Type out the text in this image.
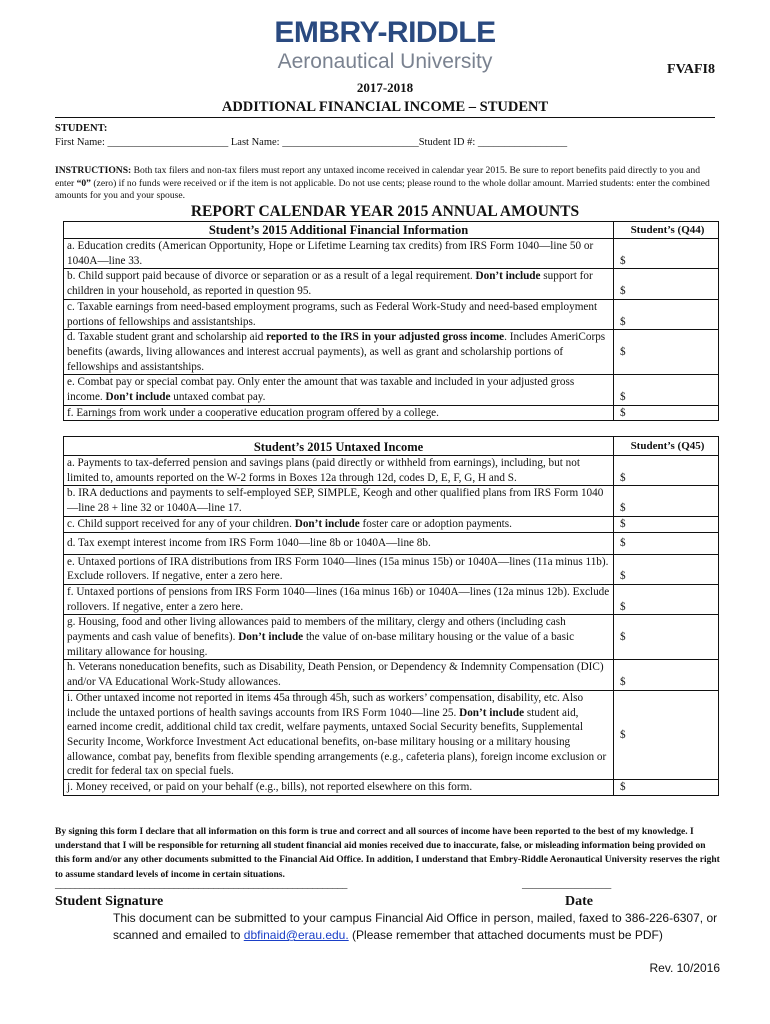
EMBRY-RIDDLE
Aeronautical University	FVAFI8
2017-2018
ADDITIONAL FINANCIAL INCOME – STUDENT
STUDENT:
First Name: _______________________ Last Name: __________________________Student ID #: _________________
INSTRUCTIONS: Both tax filers and non-tax filers must report any untaxed income received in calendar year 2015. Be sure to report benefits paid directly to you and enter “0” (zero) if no funds were received or if the item is not applicable. Do not use cents; please round to the whole dollar amount. Married students: enter the combined amounts for you and your spouse.
REPORT CALENDAR YEAR 2015 ANNUAL AMOUNTS
Student’s 2015 Additional Financial Information	Student’s (Q44)
a. Education credits (American Opportunity, Hope or Lifetime Learning tax credits) from IRS Form 1040—line 50 or 1040A—line 33.	$
b. Child support paid because of divorce or separation or as a result of a legal requirement. Don’t include support for children in your household, as reported in question 95.	$
c. Taxable earnings from need-based employment programs, such as Federal Work-Study and need-based employment portions of fellowships and assistantships.	$
d. Taxable student grant and scholarship aid reported to the IRS in your adjusted gross income. Includes AmeriCorps benefits (awards, living allowances and interest accrual payments), as well as grant and scholarship portions of fellowships and assistantships.	$
e. Combat pay or special combat pay. Only enter the amount that was taxable and included in your adjusted gross income. Don’t include untaxed combat pay.	$
f. Earnings from work under a cooperative education program offered by a college.	$
Student’s 2015 Untaxed Income	Student’s (Q45)
a. Payments to tax-deferred pension and savings plans (paid directly or withheld from earnings), including, but not limited to, amounts reported on the W-2 forms in Boxes 12a through 12d, codes D, E, F, G, H and S.	$
b. IRA deductions and payments to self-employed SEP, SIMPLE, Keogh and other qualified plans from IRS Form 1040—line 28 + line 32 or 1040A—line 17.	$
c. Child support received for any of your children. Don’t include foster care or adoption payments.	$
d. Tax exempt interest income from IRS Form 1040—line 8b or 1040A—line 8b.	$
e. Untaxed portions of IRA distributions from IRS Form 1040—lines (15a minus 15b) or 1040A—lines (11a minus 11b). Exclude rollovers. If negative, enter a zero here.	$
f. Untaxed portions of pensions from IRS Form 1040—lines (16a minus 16b) or 1040A—lines (12a minus 12b). Exclude rollovers. If negative, enter a zero here.	$
g. Housing, food and other living allowances paid to members of the military, clergy and others (including cash payments and cash value of benefits). Don’t include the value of on-base military housing or the value of a basic military allowance for housing.	$
h. Veterans noneducation benefits, such as Disability, Death Pension, or Dependency & Indemnity Compensation (DIC) and/or VA Educational Work-Study allowances.	$
i. Other untaxed income not reported in items 45a through 45h, such as workers’ compensation, disability, etc. Also include the untaxed portions of health savings accounts from IRS Form 1040—line 25. Don’t include student aid, earned income credit, additional child tax credit, welfare payments, untaxed Social Security benefits, Supplemental Security Income, Workforce Investment Act educational benefits, on-base military housing or a military housing allowance, combat pay, benefits from flexible spending arrangements (e.g., cafeteria plans), foreign income exclusion or credit for federal tax on special fuels.	$
j. Money received, or paid on your behalf (e.g., bills), not reported elsewhere on this form.	$
By signing this form I declare that all information on this form is true and correct and all sources of income have been reported to the best of my knowledge. I understand that I will be responsible for returning all student financial aid monies received due to inaccurate, false, or misleading information being provided on this form and/or any other documents submitted to the Financial Aid Office. In addition, I understand that Embry-Riddle Aeronautical University reserves the right to assume standard levels of income in certain situations.
___________________________________________________________
Student Signature
_________________
Date
This document can be submitted to your campus Financial Aid Office in person, mailed, faxed to 386-226-6307, or scanned and emailed to dbfinaid@erau.edu. (Please remember that attached documents must be PDF)
Rev. 10/2016
